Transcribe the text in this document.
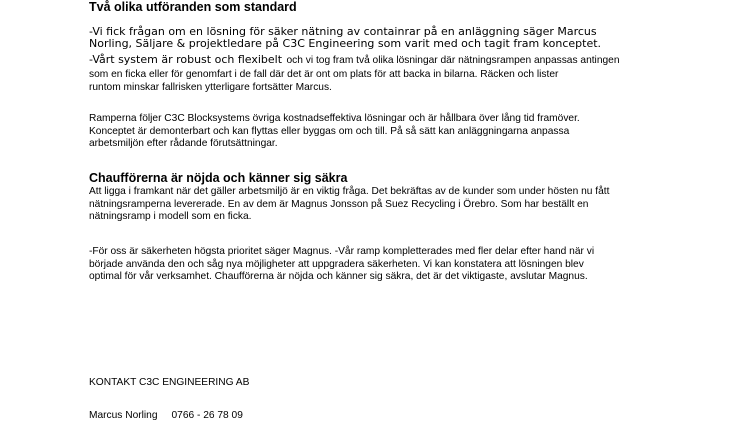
Två olika utföranden som standard
-Vi fick frågan om en lösning för säker nätning av containrar på en anläggning säger Marcus
Norling, Säljare & projektledare på C3C Engineering som varit med och tagit fram konceptet.
-Vårt system är robust och flexibelt och vi tog fram två olika lösningar där nätningsrampen anpassas antingen
som en ficka eller för genomfart i de fall där det är ont om plats för att backa in bilarna. Räcken och lister
runtom minskar fallrisken ytterligare fortsätter Marcus.
Ramperna följer C3C Blocksystems övriga kostnadseffektiva lösningar och är hållbara över lång tid framöver.
Konceptet är demonterbart och kan flyttas eller byggas om och till. På så sätt kan anläggningarna anpassa
arbetsmiljön efter rådande förutsättningar.
Chaufförerna är nöjda och känner sig säkra
Att ligga i framkant när det gäller arbetsmiljö är en viktig fråga. Det bekräftas av de kunder som under hösten nu fått
nätningsramperna levererade. En av dem är Magnus Jonsson på Suez Recycling i Örebro. Som har beställt en
nätningsramp i modell som en ficka.
-För oss är säkerheten högsta prioritet säger Magnus. -Vår ramp kompletterades med fler delar efter hand när vi
började använda den och såg nya möjligheter att uppgradera säkerheten. Vi kan konstatera att lösningen blev
optimal för vår verksamhet. Chaufförerna är nöjda och känner sig säkra, det är det viktigaste, avslutar Magnus.
KONTAKT C3C ENGINEERING AB
Marcus Norling 0766 - 26 78 09
